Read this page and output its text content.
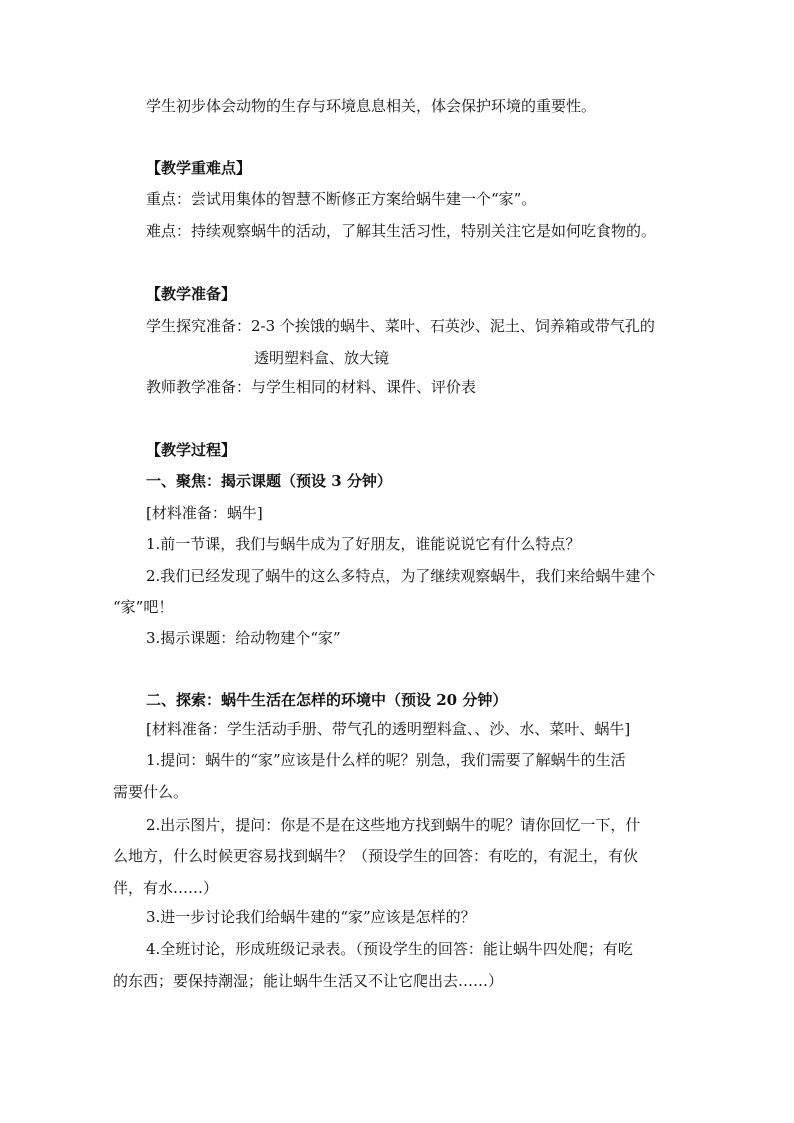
学生初步体会动物的生存与环境息息相关，体会保护环境的重要性。
【教学重难点】
重点：尝试用集体的智慧不断修正方案给蜗牛建一个“家”。
难点：持续观察蜗牛的活动，了解其生活习性，特别关注它是如何吃食物的。
【教学准备】
学生探究准备：2-3 个挨饿的蜗牛、菜叶、石英沙、泥土、饲养箱或带气孔的
透明塑料盒、放大镜
教师教学准备：与学生相同的材料、课件、评价表
【教学过程】
一、聚焦：揭示课题（预设 3 分钟）
[材料准备：蜗牛]
1.前一节课，我们与蜗牛成为了好朋友，谁能说说它有什么特点？
2.我们已经发现了蜗牛的这么多特点，为了继续观察蜗牛，我们来给蜗牛建个
“家”吧！
3.揭示课题：给动物建个“家”
二、探索：蜗牛生活在怎样的环境中（预设 20 分钟）
[材料准备：学生活动手册、带气孔的透明塑料盒、、沙、水、菜叶、蜗牛]
1.提问：蜗牛的“家”应该是什么样的呢？别急，我们需要了解蜗牛的生活
需要什么。
2.出示图片，提问：你是不是在这些地方找到蜗牛的呢？请你回忆一下，什
么地方，什么时候更容易找到蜗牛？（预设学生的回答：有吃的，有泥土，有伙
伴，有水……）
3.进一步讨论我们给蜗牛建的“家”应该是怎样的？
4.全班讨论，形成班级记录表。（预设学生的回答：能让蜗牛四处爬；有吃
的东西；要保持潮湿；能让蜗牛生活又不让它爬出去……）
